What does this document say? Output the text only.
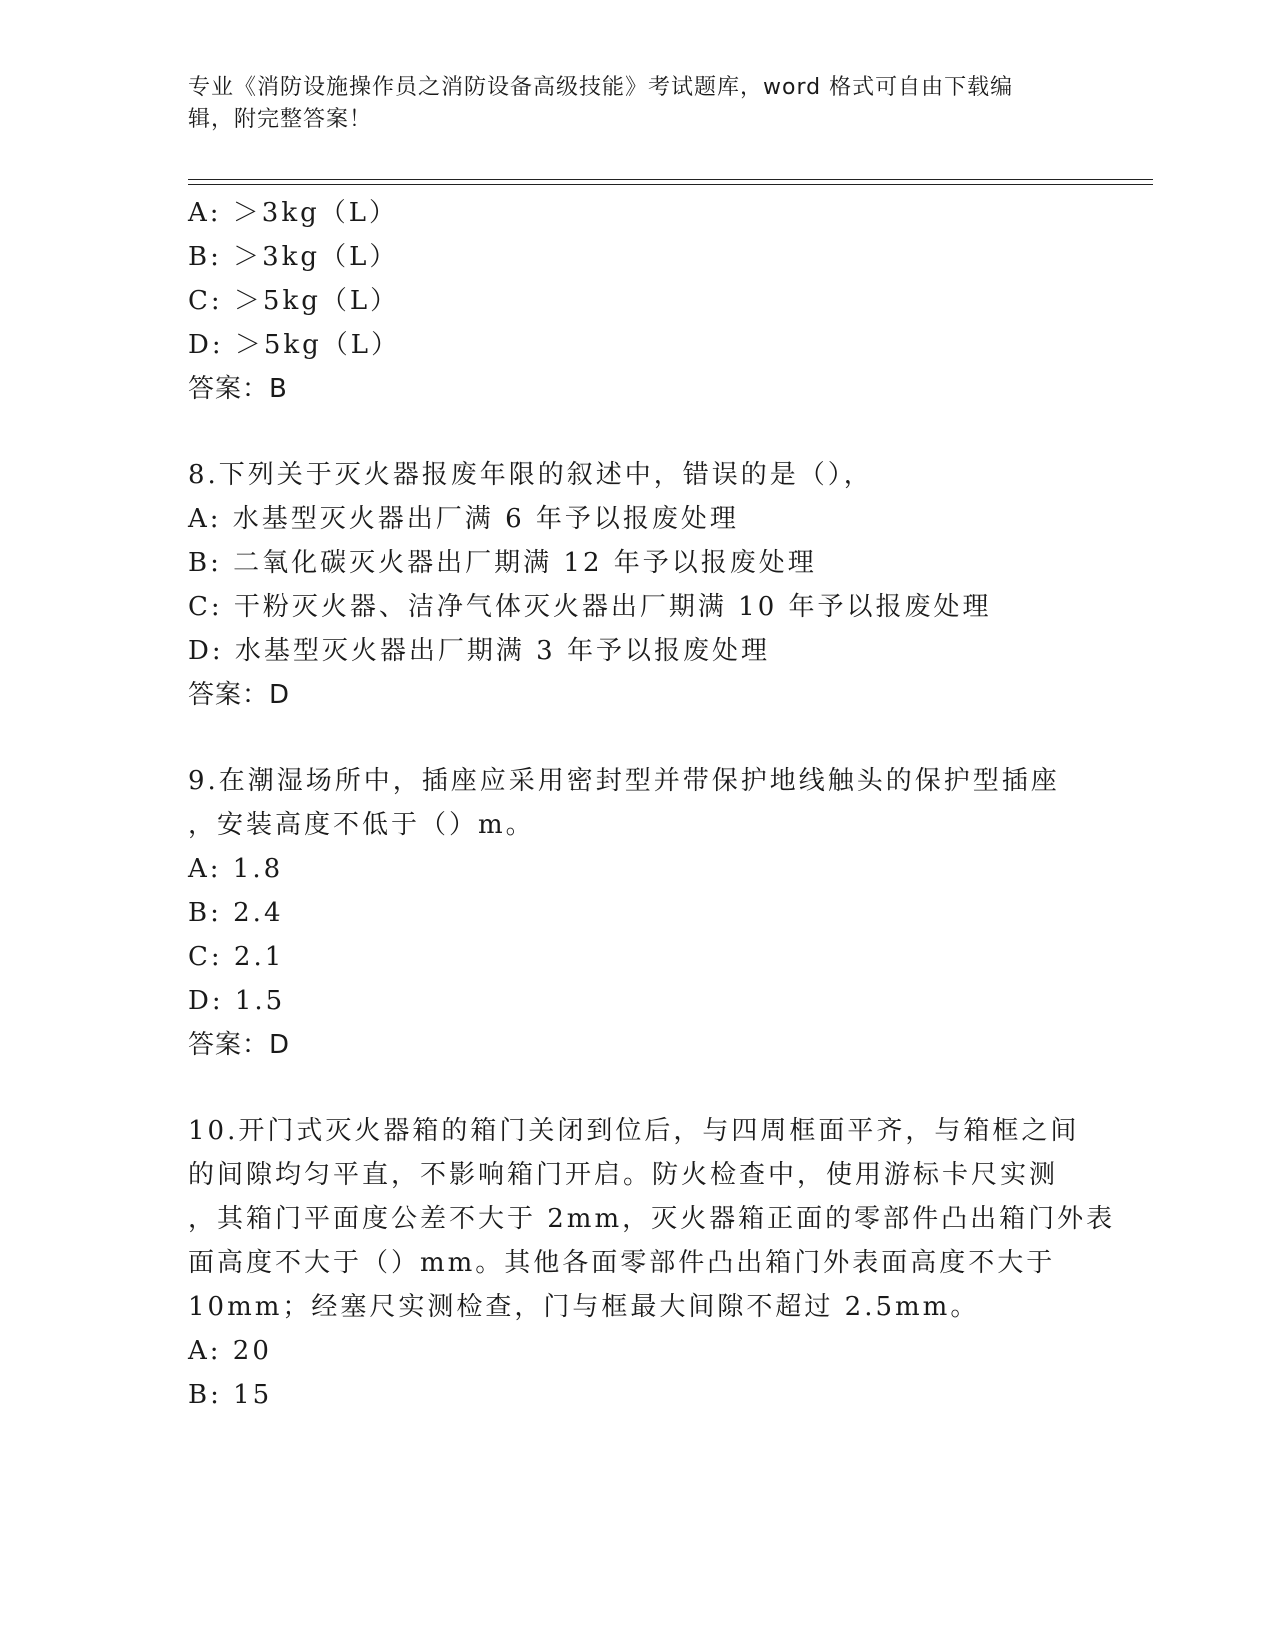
专业《消防设施操作员之消防设备高级技能》考试题库，word 格式可自由下载编
辑，附完整答案！
A: ＞3kg（L）
B: ＞3kg（L）
C: ＞5kg（L）
D: ＞5kg（L）
答案：B
8.下列关于灭火器报废年限的叙述中，错误的是（），
A: 水基型灭火器出厂满 6 年予以报废处理
B: 二氧化碳灭火器出厂期满 12 年予以报废处理
C: 干粉灭火器、洁净气体灭火器出厂期满 10 年予以报废处理
D: 水基型灭火器出厂期满 3 年予以报废处理
答案：D
9.在潮湿场所中，插座应采用密封型并带保护地线触头的保护型插座
，安装高度不低于（）m。
A: 1.8
B: 2.4
C: 2.1
D: 1.5
答案：D
10.开门式灭火器箱的箱门关闭到位后，与四周框面平齐，与箱框之间
的间隙均匀平直，不影响箱门开启。防火检查中，使用游标卡尺实测
，其箱门平面度公差不大于 2mm，灭火器箱正面的零部件凸出箱门外表
面高度不大于（）mm。其他各面零部件凸出箱门外表面高度不大于
10mm；经塞尺实测检查，门与框最大间隙不超过 2.5mm。
A: 20
B: 15
